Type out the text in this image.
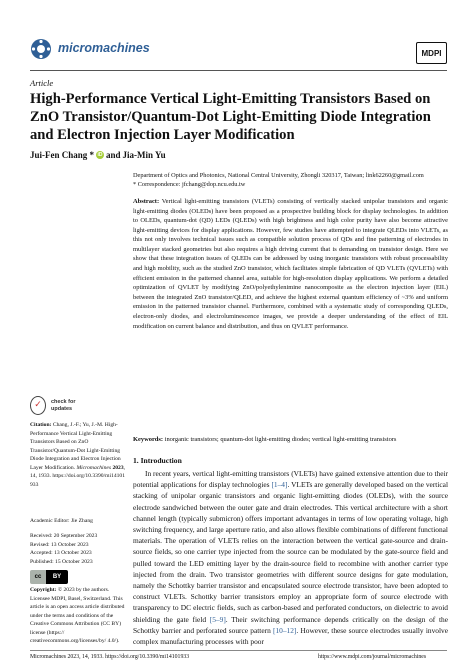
micromachines	MDPI
Article
High-Performance Vertical Light-Emitting Transistors Based on ZnO Transistor/Quantum-Dot Light-Emitting Diode Integration and Electron Injection Layer Modification
Jui-Fen Chang * iD and Jia-Min Yu
Department of Optics and Photonics, National Central University, Zhongli 320317, Taiwan; link62260@gmail.com
* Correspondence: jfchang@dop.ncu.edu.tw
Abstract: Vertical light-emitting transistors (VLETs) consisting of vertically stacked unipolar transistors and organic light-emitting diodes (OLEDs) have been proposed as a prospective building block for display technologies. In addition to OLEDs, quantum-dot (QD) LEDs (QLEDs) with high brightness and high color purity have also become attractive light-emitting devices for display applications. However, few studies have attempted to integrate QLEDs into VLETs, as this not only involves technical issues such as compatible solution process of QDs and fine patterning of electrodes in multilayer stacked geometries but also requires a high driving current that is demanding on transistor design. Here we show that these integration issues of QLEDs can be addressed by using inorganic transistors with robust processability and high mobility, such as the studied ZnO transistor, which facilitates simple fabrication of QD VLETs (QVLETs) with efficient emission in the patterned channel area, suitable for high-resolution display applications. We perform a detailed optimization of QVLET by modifying ZnO/polyethylenimine nanocomposite as the electron injection layer (EIL) between the integrated ZnO transistor/QLED, and achieve the highest external quantum efficiency of ~3% and uniform emission in the patterned transistor channel. Furthermore, combined with a systematic study of corresponding QLEDs, electron-only diodes, and electroluminescence images, we provide a deeper understanding of the effect of EIL modification on current balance and distribution, and thus on QVLET performance.
Keywords: inorganic transistors; quantum-dot light-emitting diodes; vertical light-emitting transistors
✓	check for
updates
Citation: Chang, J.-F.; Yu, J.-M. High-Performance Vertical Light-Emitting Transistors Based on ZnO Transistor/Quantum-Dot Light-Emitting Diode Integration and Electron Injection Layer Modification. Micromachines 2023, 14, 1933. https://doi.org/10.3390/mi14101933
Academic Editor: Jie Zhang
Received: 20 September 2023
Revised: 13 October 2023
Accepted: 13 October 2023
Published: 15 October 2023
cc	BY
Copyright: © 2023 by the authors. Licensee MDPI, Basel, Switzerland. This article is an open access article distributed under the terms and conditions of the Creative Commons Attribution (CC BY) license (https:// creativecommons.org/licenses/by/ 4.0/).
1. Introduction

In recent years, vertical light-emitting transistors (VLETs) have gained extensive attention due to their potential applications for display technologies [1–4]. VLETs are generally developed based on the vertical stacking of unipolar organic transistors and organic light-emitting diodes (OLEDs), with the source electrode sandwiched between the outer gate and drain electrodes. This vertical architecture with a short channel length (typically submicron) offers important advantages in terms of low operating voltage, high switching frequency, and large aperture ratio, and also allows flexible combinations of different functional materials. The operation of VLETs relies on the interaction between the vertical gate-source and drain-source fields, so one carrier type injected from the source can be modulated by the gate-source field and pulled toward the LED emitting layer by the drain-source field to recombine with another carrier type injected from the drain. Two transistor geometries with different source designs for gate modulation, namely the Schottky barrier transistor and encapsulated source electrode transistor, have been adopted to construct VLETs. Schottky barrier transistors employ an appropriate form of source electrode with transparency to DC electric fields, such as carbon-based and perforated conductors, on dielectric to avoid shielding the gate field [5–9]. Their switching performance depends critically on the design of the Schottky barrier and perforated source pattern [10–12]. However, these source electrodes usually involve complex manufacturing processes with poor

Micromachines 2023, 14, 1933. https://doi.org/10.3390/mi14101933	https://www.mdpi.com/journal/micromachines
